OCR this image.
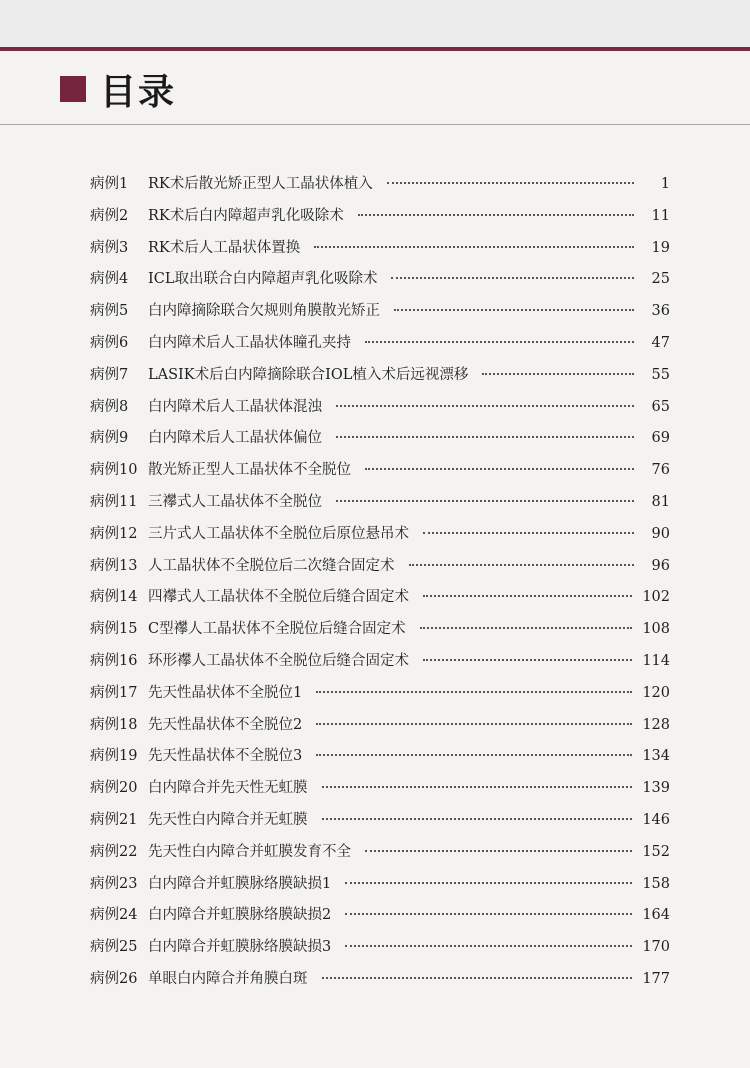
目录
病例1	RK术后散光矫正型人工晶状体植入	1
病例2	RK术后白内障超声乳化吸除术	11
病例3	RK术后人工晶状体置换	19
病例4	ICL取出联合白内障超声乳化吸除术	25
病例5	白内障摘除联合欠规则角膜散光矫正	36
病例6	白内障术后人工晶状体瞳孔夹持	47
病例7	LASIK术后白内障摘除联合IOL植入术后远视漂移	55
病例8	白内障术后人工晶状体混浊	65
病例9	白内障术后人工晶状体偏位	69
病例10 散光矫正型人工晶状体不全脱位	76
病例11 三襻式人工晶状体不全脱位	81
病例12 三片式人工晶状体不全脱位后原位悬吊术	90
病例13 人工晶状体不全脱位后二次缝合固定术	96
病例14 四襻式人工晶状体不全脱位后缝合固定术	102
病例15 C型襻人工晶状体不全脱位后缝合固定术	108
病例16 环形襻人工晶状体不全脱位后缝合固定术	114
病例17 先天性晶状体不全脱位1	120
病例18 先天性晶状体不全脱位2	128
病例19 先天性晶状体不全脱位3	134
病例20 白内障合并先天性无虹膜	139
病例21 先天性白内障合并无虹膜	146
病例22 先天性白内障合并虹膜发育不全	152
病例23 白内障合并虹膜脉络膜缺损1	158
病例24 白内障合并虹膜脉络膜缺损2	164
病例25 白内障合并虹膜脉络膜缺损3	170
病例26 单眼白内障合并角膜白斑	177
